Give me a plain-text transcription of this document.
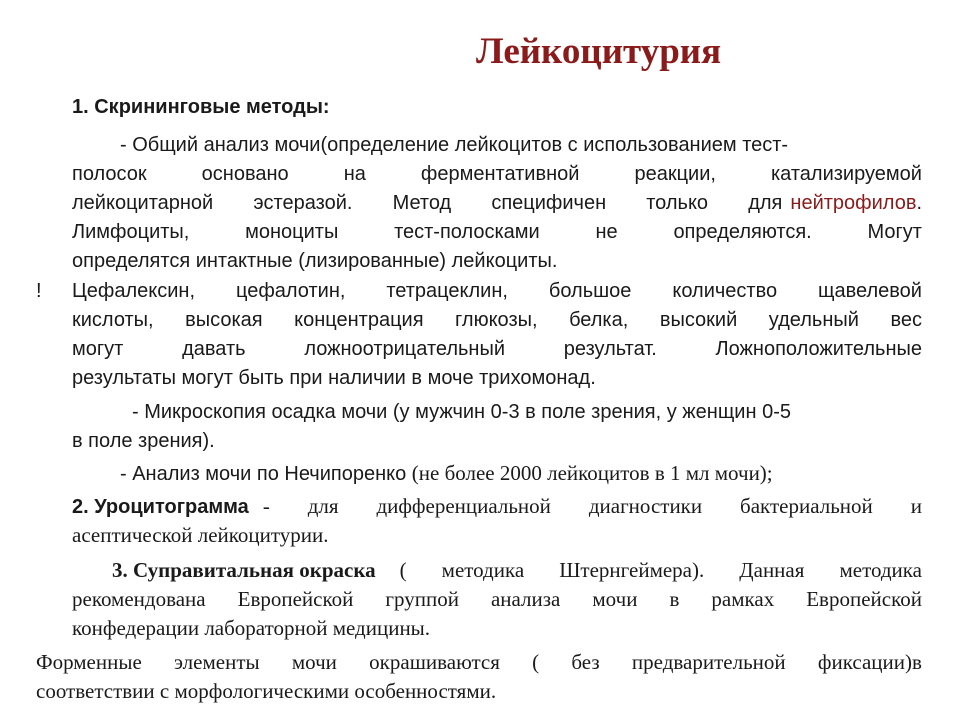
Лейкоцитурия
1. Скрининговые методы:
- Общий анализ мочи(определение лейкоцитов с использованием тест-
полосок	основано	на	ферментативной	реакции,	катализируемой
лейкоцитарной эстеразой. Метод специфичен только для нейтрофилов.
Лимфоциты,	моноциты	тест-полосками	не	определяются.	Могут
определятся интактные (лизированные) лейкоциты.
! Цефалексин, цефалотин, тетрацеклин, большое количество щавелевой
кислоты, высокая концентрация глюкозы, белка, высокий удельный вес
могут	давать	ложноотрицательный	результат.	Ложноположительные
результаты могут быть при наличии в моче трихомонад.
- Микроскопия осадка мочи (у мужчин 0-3 в поле зрения, у женщин 0-5
в поле зрения).
- Анализ мочи по Нечипоренко (не более 2000 лейкоцитов в 1 мл мочи);
2. Уроцитограмма - для дифференциальной диагностики бактериальной и
асептической лейкоцитурии.
3. Суправитальная окраска ( методика Штернгеймера). Данная методика
рекомендована Европейской группой анализа мочи в рамках Европейской
конфедерации лабораторной медицины.
Форменные элементы мочи окрашиваются ( без предварительной фиксации)в
соответствии с морфологическими особенностями.
